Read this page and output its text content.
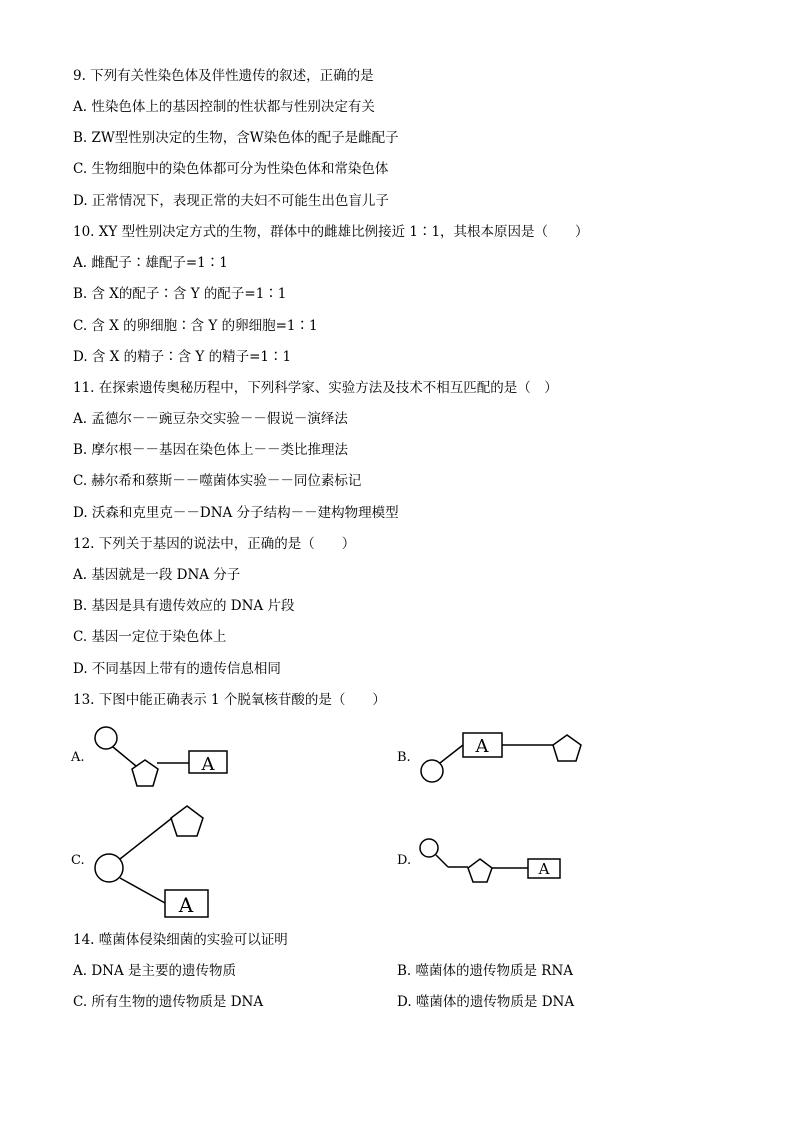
9. 下列有关性染色体及伴性遗传的叙述，正确的是
A. 性染色体上的基因控制的性状都与性别决定有关
B. ZW型性别决定的生物，含W染色体的配子是雌配子
C. 生物细胞中的染色体都可分为性染色体和常染色体
D. 正常情况下，表现正常的夫妇不可能生出色盲儿子
10. XY 型性别决定方式的生物，群体中的雌雄比例接近 1∶1，其根本原因是（　　）
A. 雌配子∶雄配子=1∶1
B. 含 X的配子∶含 Y 的配子=1∶1
C. 含 X 的卵细胞∶含 Y 的卵细胞=1∶1
D. 含 X 的精子∶含 Y 的精子=1∶1
11. 在探索遗传奥秘历程中，下列科学家、实验方法及技术不相互匹配的是（　）
A. 孟德尔－－豌豆杂交实验－－假说－演绎法
B. 摩尔根－－基因在染色体上－－类比推理法
C. 赫尔希和蔡斯－－噬菌体实验－－同位素标记
D. 沃森和克里克－－DNA 分子结构－－建构物理模型
12. 下列关于基因的说法中，正确的是（　　）
A. 基因就是一段 DNA 分子
B. 基因是具有遗传效应的 DNA 片段
C. 基因一定位于染色体上
D. 不同基因上带有的遗传信息相同
13. 下图中能正确表示 1 个脱氧核苷酸的是（　　）
A.	A	B.
A
C.
A
D.	A
14. 噬菌体侵染细菌的实验可以证明
A. DNA 是主要的遗传物质	B. 噬菌体的遗传物质是 RNA
C. 所有生物的遗传物质是 DNA	D. 噬菌体的遗传物质是 DNA
